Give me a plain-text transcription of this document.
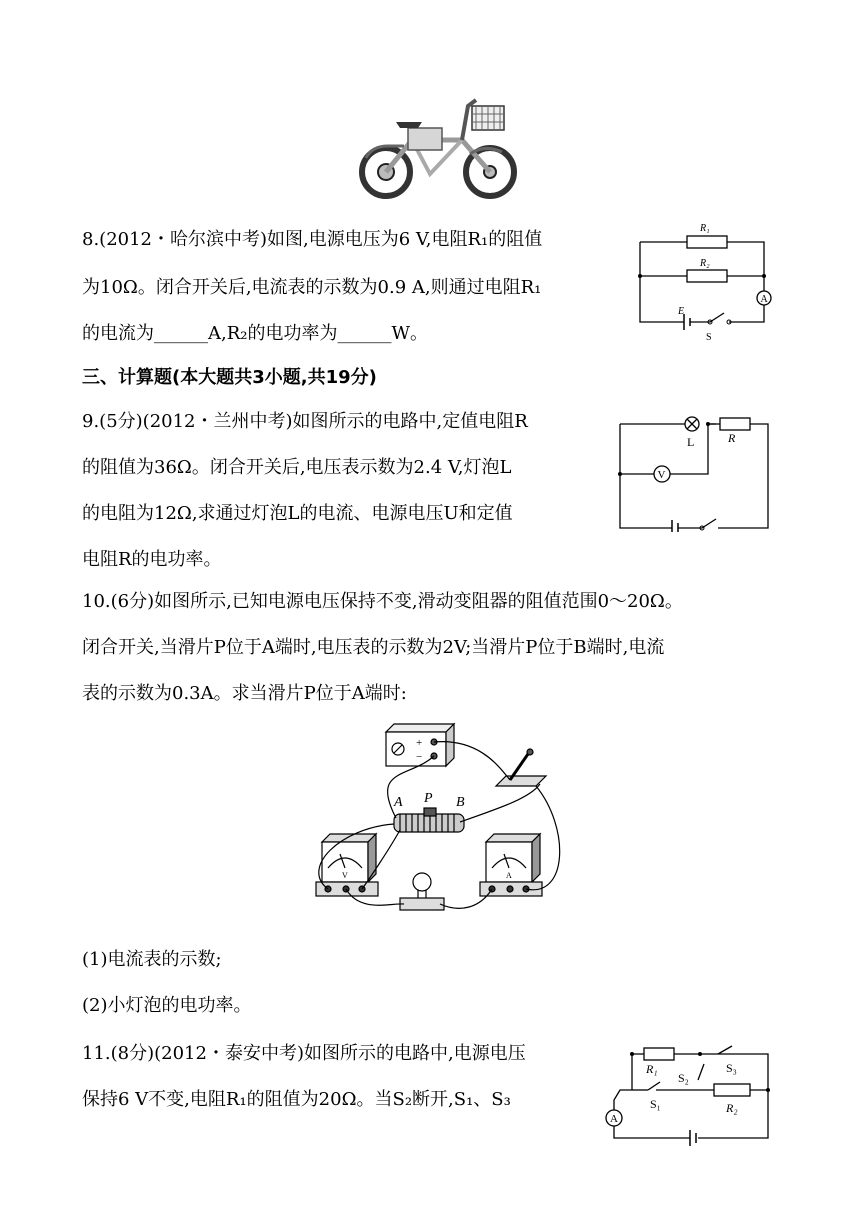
8.(2012・哈尔滨中考)如图,电源电压为6 V,电阻R₁的阻值
为10Ω。闭合开关后,电流表的示数为0.9 A,则通过电阻R₁
的电流为______A,R₂的电功率为______W。
R₁
R₂
A
E
S
三、计算题(本大题共3小题,共19分)
9.(5分)(2012・兰州中考)如图所示的电路中,定值电阻R
的阻值为36Ω。闭合开关后,电压表示数为2.4 V,灯泡L
的电阻为12Ω,求通过灯泡L的电流、电源电压U和定值
电阻R的电功率。
L	R
V
10.(6分)如图所示,已知电源电压保持不变,滑动变阻器的阻值范围0～20Ω。
闭合开关,当滑片P位于A端时,电压表的示数为2V;当滑片P位于B端时,电流
表的示数为0.3A。求当滑片P位于A端时:
A P B
+
−
V	A
(1)电流表的示数;
(2)小灯泡的电功率。
11.(8分)(2012・泰安中考)如图所示的电路中,电源电压
保持6 V不变,电阻R₁的阻值为20Ω。当S₂断开,S₁、S₃
R₁
R₂
S₁
S₂
S₃
A
